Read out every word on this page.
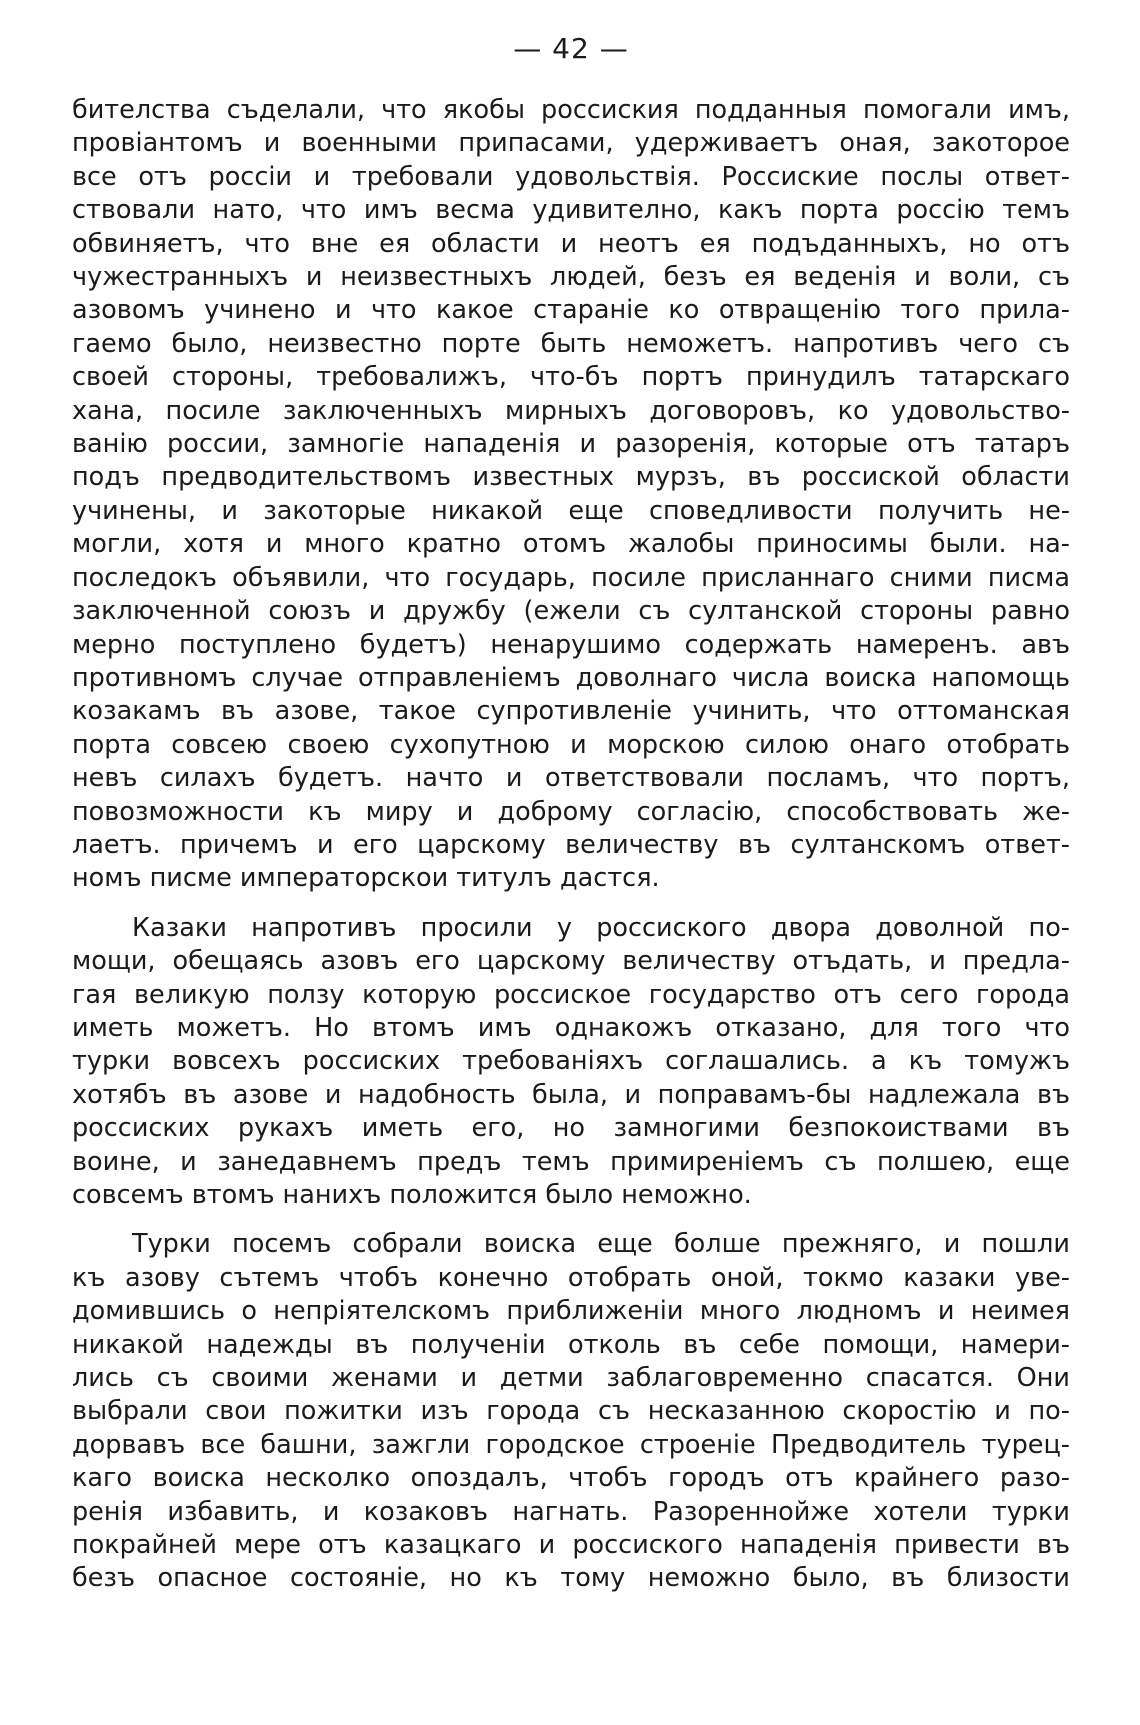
— 42 —
бителства съделали, что якобы россиския подданныя помогали имъ,
провіантомъ и военными припасами, удерживаетъ оная, закоторое
все отъ россіи и требовали удовольствія. Россиские послы ответ-
ствовали нато, что имъ весма удивително, какъ порта россію темъ
обвиняетъ, что вне ея области и неотъ ея подъданныхъ, но отъ
чужестранныхъ и неизвестныхъ людей, безъ ея веденія и воли, съ
азовомъ учинено и что какое стараніе ко отвращенію того прила-
гаемо было, неизвестно порте быть неможетъ. напротивъ чего съ
своей стороны, требовалижъ, что-бъ портъ принудилъ татарскаго
хана, посиле заключенныхъ мирныхъ договоровъ, ко удовольство-
ванію россии, замногіе нападенія и разоренія, которые отъ татаръ
подъ предводительствомъ известных мурзъ, въ россиской области
учинены, и закоторые никакой еще споведливости получить не-
могли, хотя и много кратно отомъ жалобы приносимы были. на-
последокъ объявили, что государь, посиле присланнаго сними писма
заключенной союзъ и дружбу (ежели съ султанской стороны равно
мерно поступлено будетъ) ненарушимо содержать намеренъ. авъ
противномъ случае отправленіемъ доволнаго числа воиска напомощь
козакамъ въ азове, такое супротивленіе учинить, что оттоманская
порта совсею своею сухопутною и морскою силою онаго отобрать
невъ силахъ будетъ. начто и ответствовали посламъ, что портъ,
повозможности къ миру и доброму согласію, способствовать же-
лаетъ. причемъ и его царскому величеству въ султанскомъ ответ-
номъ писме императорскои титулъ дастся.
Казаки напротивъ просили у россиского двора доволной по-
мощи, обещаясь азовъ его царскому величеству отъдать, и предла-
гая великую ползу которую россиское государство отъ сего города
иметь можетъ. Но втомъ имъ однакожъ отказано, для того что
турки вовсехъ россиских требованіяхъ соглашались. а къ томужъ
хотябъ въ азове и надобность была, и поправамъ-бы надлежала въ
россиских рукахъ иметь его, но замногими безпокоиствами въ
воине, и занедавнемъ предъ темъ примиреніемъ съ полшею, еще
совсемъ втомъ нанихъ положится было неможно.
Турки посемъ собрали воиска еще болше прежняго, и пошли
къ азову сътемъ чтобъ конечно отобрать оной, токмо казаки уве-
домившись о непріятелскомъ приближеніи много людномъ и неимея
никакой надежды въ полученіи отколь въ себе помощи, намери-
лись съ своими женами и детми заблаговременно спасатся. Они
выбрали свои пожитки изъ города съ несказанною скоростію и по-
дорвавъ все башни, зажгли городское строеніе Предводитель турец-
каго воиска несколко опоздалъ, чтобъ городъ отъ крайнего разо-
ренія избавить, и козаковъ нагнать. Разореннойже хотели турки
покрайней мере отъ казацкаго и россиского нападенія привести въ
безъ опасное состояніе, но къ тому неможно было, въ близости
